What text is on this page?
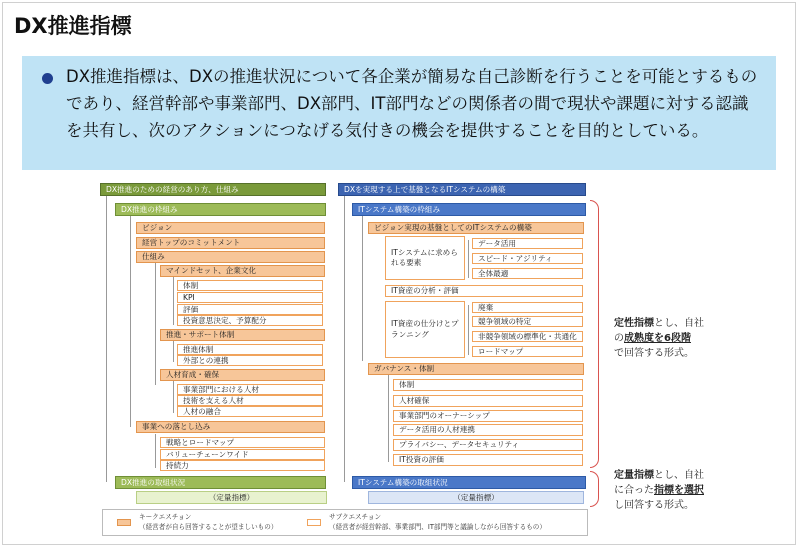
DX推進指標
DX推進指標は、DXの推進状況について各企業が簡易な自己診断を行うことを可能とするものであり、経営幹部や事業部門、DX部門、IT部門などの関係者の間で現状や課題に対する認識を共有し、次のアクションにつなげる気付きの機会を提供することを目的としている。
DX推進のための経営のあり方、仕組み
DX推進の枠組み
ビジョン
経営トップのコミットメント
仕組み
マインドセット、企業文化
体制
KPI
評価
投資意思決定、予算配分
推進・サポート体制
推進体制
外部との連携
人材育成・確保
事業部門における人材
技術を支える人材
人材の融合
事業への落とし込み
戦略とロードマップ
バリューチェーンワイド
持続力
DX推進の取組状況
（定量指標）
DXを実現する上で基盤となるITシステムの構築
ITシステム構築の枠組み
ビジョン実現の基盤としてのITシステムの構築
ITシステムに求められる要素
データ活用
スピード・アジリティ
全体最適
IT資産の分析・評価
IT資産の仕分けとプランニング
廃棄
競争領域の特定
非競争領域の標準化・共通化
ロードマップ
ガバナンス・体制
体制
人材確保
事業部門のオーナーシップ
データ活用の人材連携
プライバシー、データセキュリティ
IT投資の評価
ITシステム構築の取組状況
（定量指標）
定性指標とし、自社
の成熟度を6段階
で回答する形式。
定量指標とし、自社
に合った指標を選択
し回答する形式。
キークエスチョン
（経営者が自ら回答することが望ましいもの）
サブクエスチョン
（経営者が経営幹部、事業部門、IT部門等と議論しながら回答するもの）
